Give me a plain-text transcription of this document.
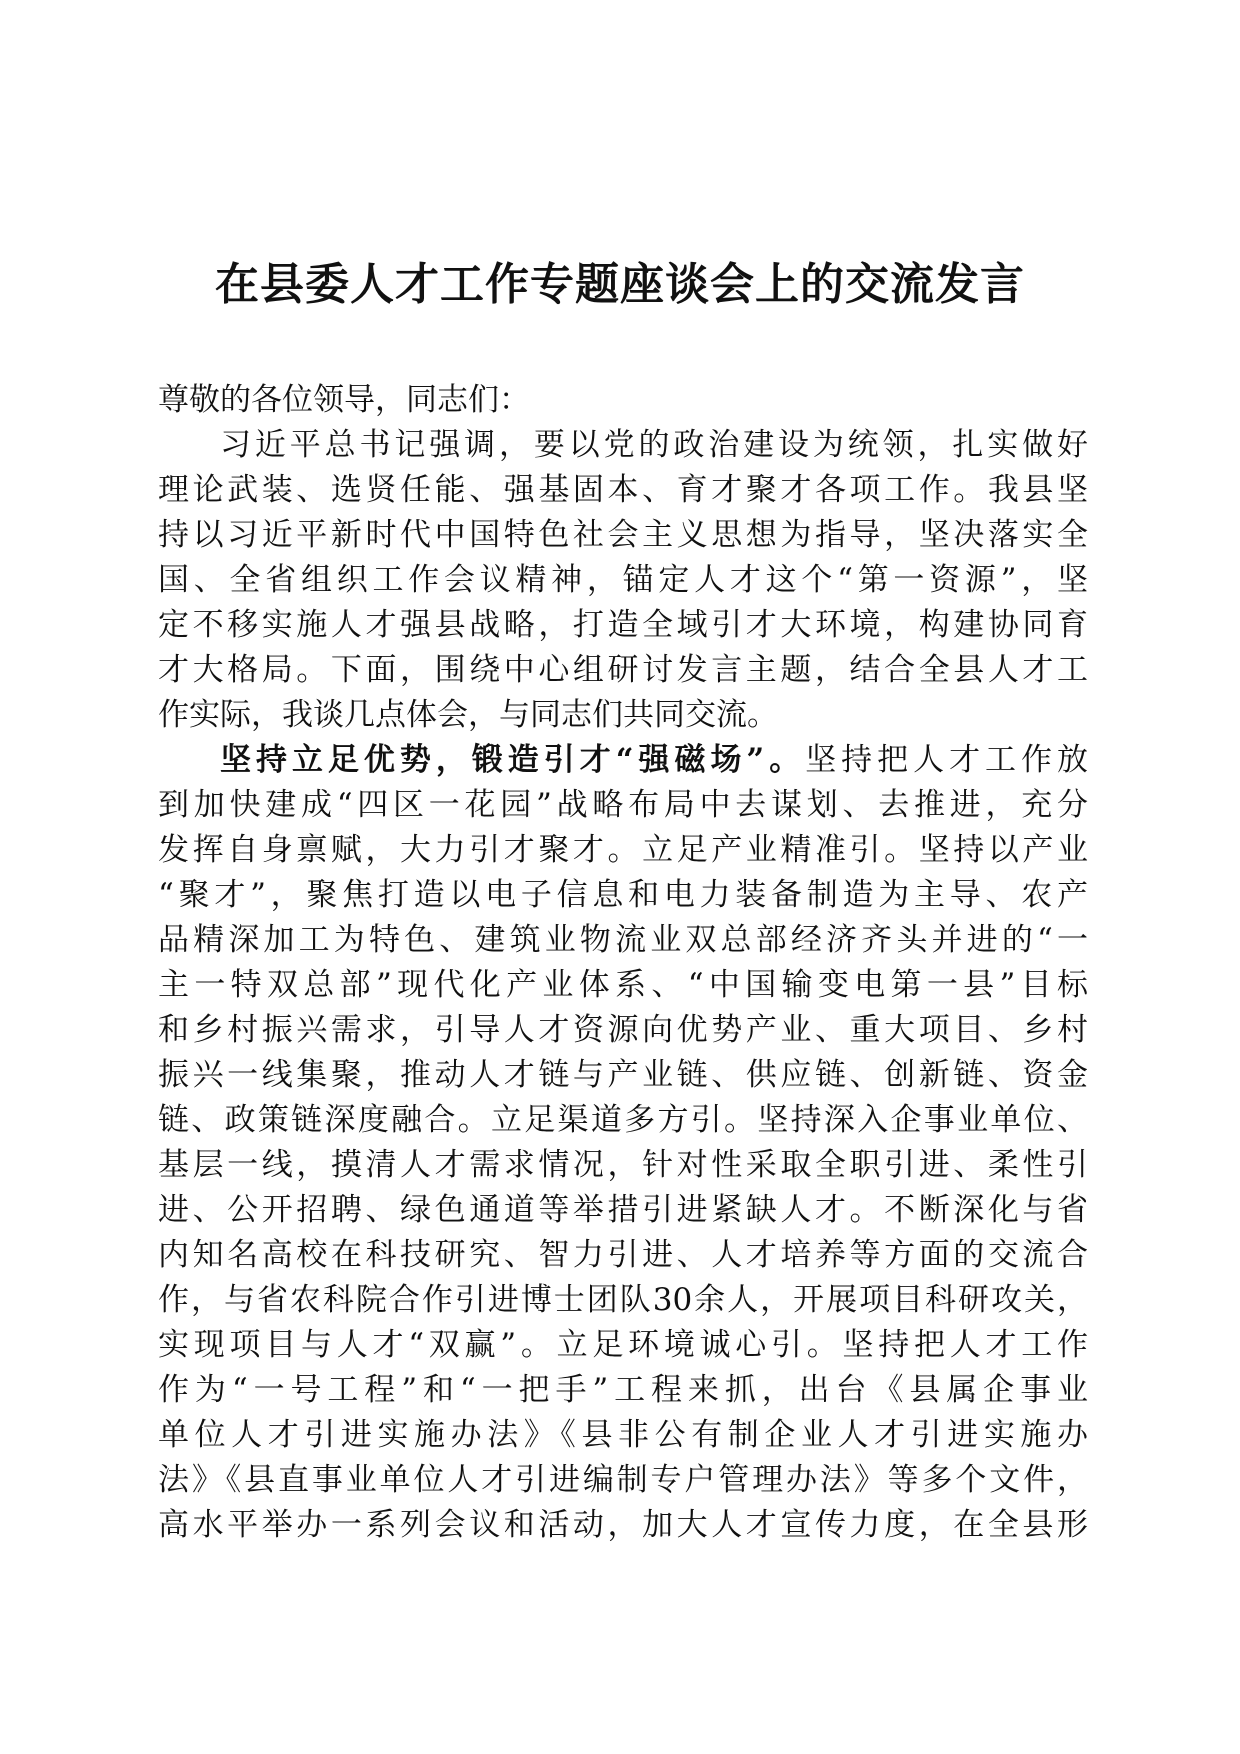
在县委人才工作专题座谈会上的交流发言
尊敬的各位领导，同志们：
习近平总书记强调，要以党的政治建设为统领，扎实做好
理论武装、选贤任能、强基固本、育才聚才各项工作。我县坚
持以习近平新时代中国特色社会主义思想为指导，坚决落实全
国、全省组织工作会议精神，锚定人才这个“第一资源”，坚
定不移实施人才强县战略，打造全域引才大环境，构建协同育
才大格局。下面，围绕中心组研讨发言主题，结合全县人才工
作实际，我谈几点体会，与同志们共同交流。
坚持立足优势，锻造引才“强磁场”。坚持把人才工作放
到加快建成“四区一花园”战略布局中去谋划、去推进，充分
发挥自身禀赋，大力引才聚才。立足产业精准引。坚持以产业
“聚才”，聚焦打造以电子信息和电力装备制造为主导、农产
品精深加工为特色、建筑业物流业双总部经济齐头并进的“一
主一特双总部”现代化产业体系、“中国输变电第一县”目标
和乡村振兴需求，引导人才资源向优势产业、重大项目、乡村
振兴一线集聚，推动人才链与产业链、供应链、创新链、资金
链、政策链深度融合。立足渠道多方引。坚持深入企事业单位、
基层一线，摸清人才需求情况，针对性采取全职引进、柔性引
进、公开招聘、绿色通道等举措引进紧缺人才。不断深化与省
内知名高校在科技研究、智力引进、人才培养等方面的交流合
作，与省农科院合作引进博士团队30余人，开展项目科研攻关，
实现项目与人才“双赢”。立足环境诚心引。坚持把人才工作
作为“一号工程”和“一把手”工程来抓，出台《县属企事业
单位人才引进实施办法》《县非公有制企业人才引进实施办
法》《县直事业单位人才引进编制专户管理办法》等多个文件，
高水平举办一系列会议和活动，加大人才宣传力度，在全县形
